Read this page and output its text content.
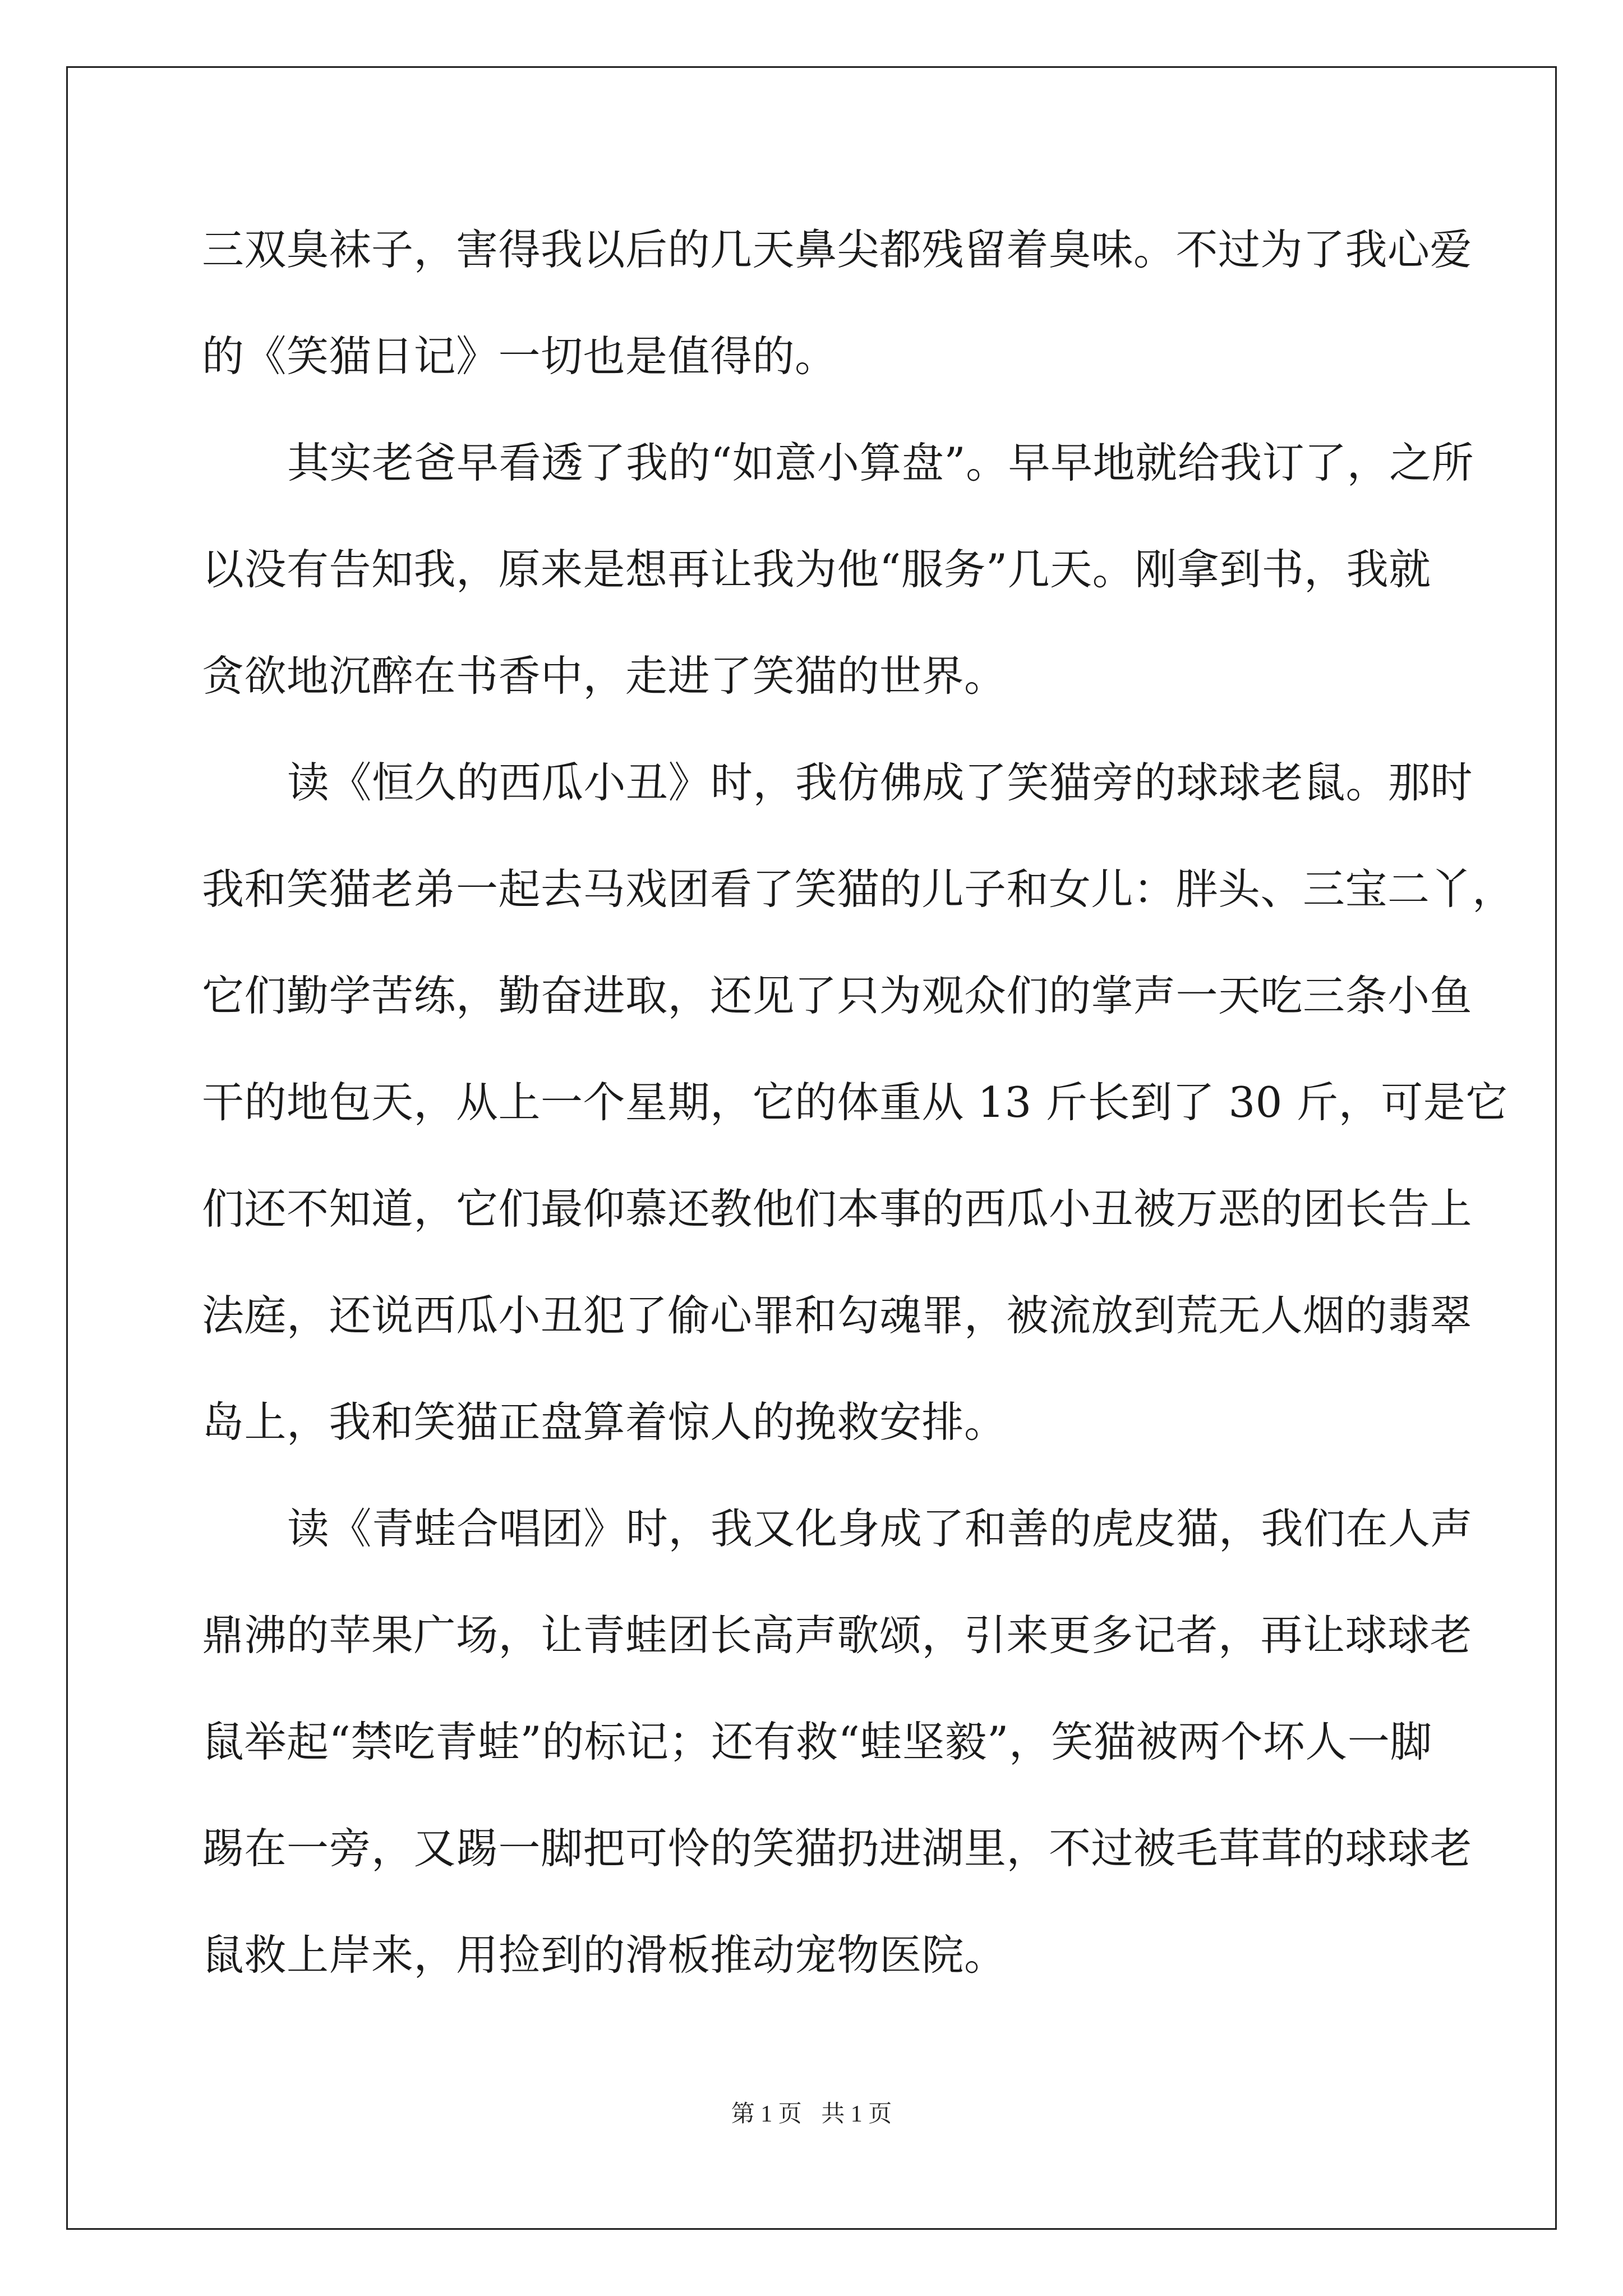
三双臭袜子，害得我以后的几天鼻尖都残留着臭味。不过为了我心爱
的《笑猫日记》一切也是值得的。
其实老爸早看透了我的“如意小算盘”。早早地就给我订了，之所
以没有告知我，原来是想再让我为他“服务”几天。刚拿到书，我就
贪欲地沉醉在书香中，走进了笑猫的世界。
读《恒久的西瓜小丑》时，我仿佛成了笑猫旁的球球老鼠。那时
我和笑猫老弟一起去马戏团看了笑猫的儿子和女儿：胖头、三宝二丫，
它们勤学苦练，勤奋进取，还见了只为观众们的掌声一天吃三条小鱼
干的地包天，从上一个星期，它的体重从 13 斤长到了 30 斤，可是它
们还不知道，它们最仰慕还教他们本事的西瓜小丑被万恶的团长告上
法庭，还说西瓜小丑犯了偷心罪和勾魂罪，被流放到荒无人烟的翡翠
岛上，我和笑猫正盘算着惊人的挽救安排。
读《青蛙合唱团》时，我又化身成了和善的虎皮猫，我们在人声
鼎沸的苹果广场，让青蛙团长高声歌颂，引来更多记者，再让球球老
鼠举起“禁吃青蛙”的标记；还有救“蛙坚毅”，笑猫被两个坏人一脚
踢在一旁，又踢一脚把可怜的笑猫扔进湖里，不过被毛茸茸的球球老
鼠救上岸来，用捡到的滑板推动宠物医院。
第 1 页 共 1 页
